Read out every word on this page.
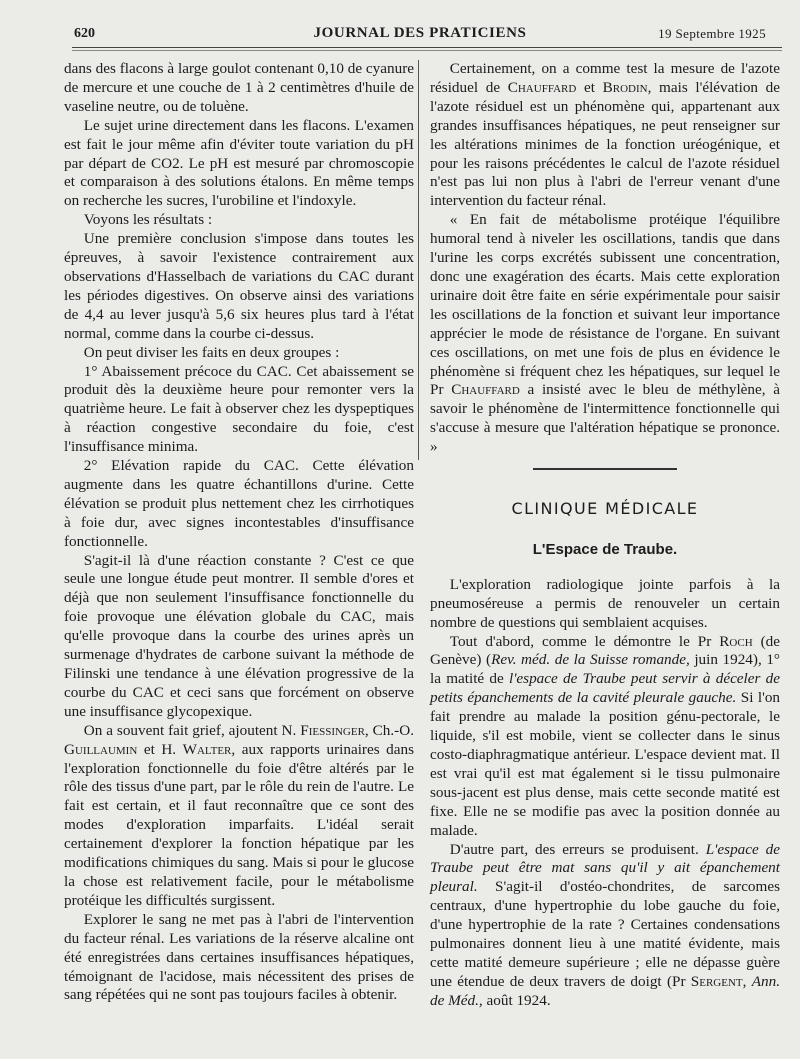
620	JOURNAL DES PRATICIENS	19 Septembre 1925

dans des flacons à large goulot contenant 0,10 de cyanure de mercure et une couche de 1 à 2 centimètres d'huile de vaseline neutre, ou de toluène.

Le sujet urine directement dans les flacons. L'examen est fait le jour même afin d'éviter toute variation du pH par départ de CO2. Le pH est mesuré par chromoscopie et comparaison à des solutions étalons. En même temps on recherche les sucres, l'urobiline et l'indoxyle.

Voyons les résultats :

Une première conclusion s'impose dans toutes les épreuves, à savoir l'existence contrairement aux observations d'Hasselbach de variations du CAC durant les périodes digestives. On observe ainsi des variations de 4,4 au lever jusqu'à 5,6 six heures plus tard à l'état normal, comme dans la courbe ci-dessus.

On peut diviser les faits en deux groupes :

1° Abaissement précoce du CAC. Cet abaissement se produit dès la deuxième heure pour remonter vers la quatrième heure. Le fait à observer chez les dyspeptiques à réaction congestive secondaire du foie, c'est l'insuffisance minima.

2° Elévation rapide du CAC. Cette élévation augmente dans les quatre échantillons d'urine. Cette élévation se produit plus nettement chez les cirrhotiques à foie dur, avec signes incontestables d'insuffisance fonctionnelle.

S'agit-il là d'une réaction constante ? C'est ce que seule une longue étude peut montrer. Il semble d'ores et déjà que non seulement l'insuffisance fonctionnelle du foie provoque une élévation globale du CAC, mais qu'elle provoque dans la courbe des urines après un surmenage d'hydrates de carbone suivant la méthode de Filinski une tendance à une élévation progressive de la courbe du CAC et ceci sans que forcément on observe une insuffisance glycopexique.

On a souvent fait grief, ajoutent N. Fiessinger, Ch.-O. Guillaumin et H. Walter, aux rapports urinaires dans l'exploration fonctionnelle du foie d'être altérés par le rôle des tissus d'une part, par le rôle du rein de l'autre. Le fait est certain, et il faut reconnaître que ce sont des modes d'exploration imparfaits. L'idéal serait certainement d'explorer la fonction hépatique par les modifications chimiques du sang. Mais si pour le glucose la chose est relativement facile, pour le métabolisme protéique les difficultés surgissent.

Explorer le sang ne met pas à l'abri de l'intervention du facteur rénal. Les variations de la réserve alcaline ont été enregistrées dans certaines insuffisances hépatiques, témoignant de l'acidose, mais nécessitent des prises de sang répétées qui ne sont pas toujours faciles à obtenir.

Certainement, on a comme test la mesure de l'azote résiduel de Chauffard et Brodin, mais l'élévation de l'azote résiduel est un phénomène qui, appartenant aux grandes insuffisances hépatiques, ne peut renseigner sur les altérations minimes de la fonction uréogénique, et pour les raisons précédentes le calcul de l'azote résiduel n'est pas lui non plus à l'abri de l'erreur venant d'une intervention du facteur rénal.

« En fait de métabolisme protéique l'équilibre humoral tend à niveler les oscillations, tandis que dans l'urine les corps excrétés subissent une concentration, donc une exagération des écarts. Mais cette exploration urinaire doit être faite en série expérimentale pour saisir les oscillations de la fonction et suivant leur importance apprécier le mode de résistance de l'organe. En suivant ces oscillations, on met une fois de plus en évidence le phénomène si fréquent chez les hépatiques, sur lequel le Pr Chauffard a insisté avec le bleu de méthylène, à savoir le phénomène de l'intermittence fonctionnelle qui s'accuse à mesure que l'altération hépatique se prononce. »

CLINIQUE MÉDICALE
L'Espace de Traube.

L'exploration radiologique jointe parfois à la pneumoséreuse a permis de renouveler un certain nombre de questions qui semblaient acquises.

Tout d'abord, comme le démontre le Pr Roch (de Genève) (Rev. méd. de la Suisse romande, juin 1924), 1° la matité de l'espace de Traube peut servir à déceler de petits épanchements de la cavité pleurale gauche. Si l'on fait prendre au malade la position génu-pectorale, le liquide, s'il est mobile, vient se collecter dans le sinus costo-diaphragmatique antérieur. L'espace devient mat. Il est vrai qu'il est mat également si le tissu pulmonaire sous-jacent est plus dense, mais cette seconde matité est fixe. Elle ne se modifie pas avec la position donnée au malade.

D'autre part, des erreurs se produisent. L'espace de Traube peut être mat sans qu'il y ait épanchement pleural. S'agit-il d'ostéo-chondrites, de sarcomes centraux, d'une hypertrophie du lobe gauche du foie, d'une hypertrophie de la rate ? Certaines condensations pulmonaires donnent lieu à une matité évidente, mais cette matité demeure supérieure ; elle ne dépasse guère une étendue de deux travers de doigt (Pr Sergent, Ann. de Méd., août 1924.
